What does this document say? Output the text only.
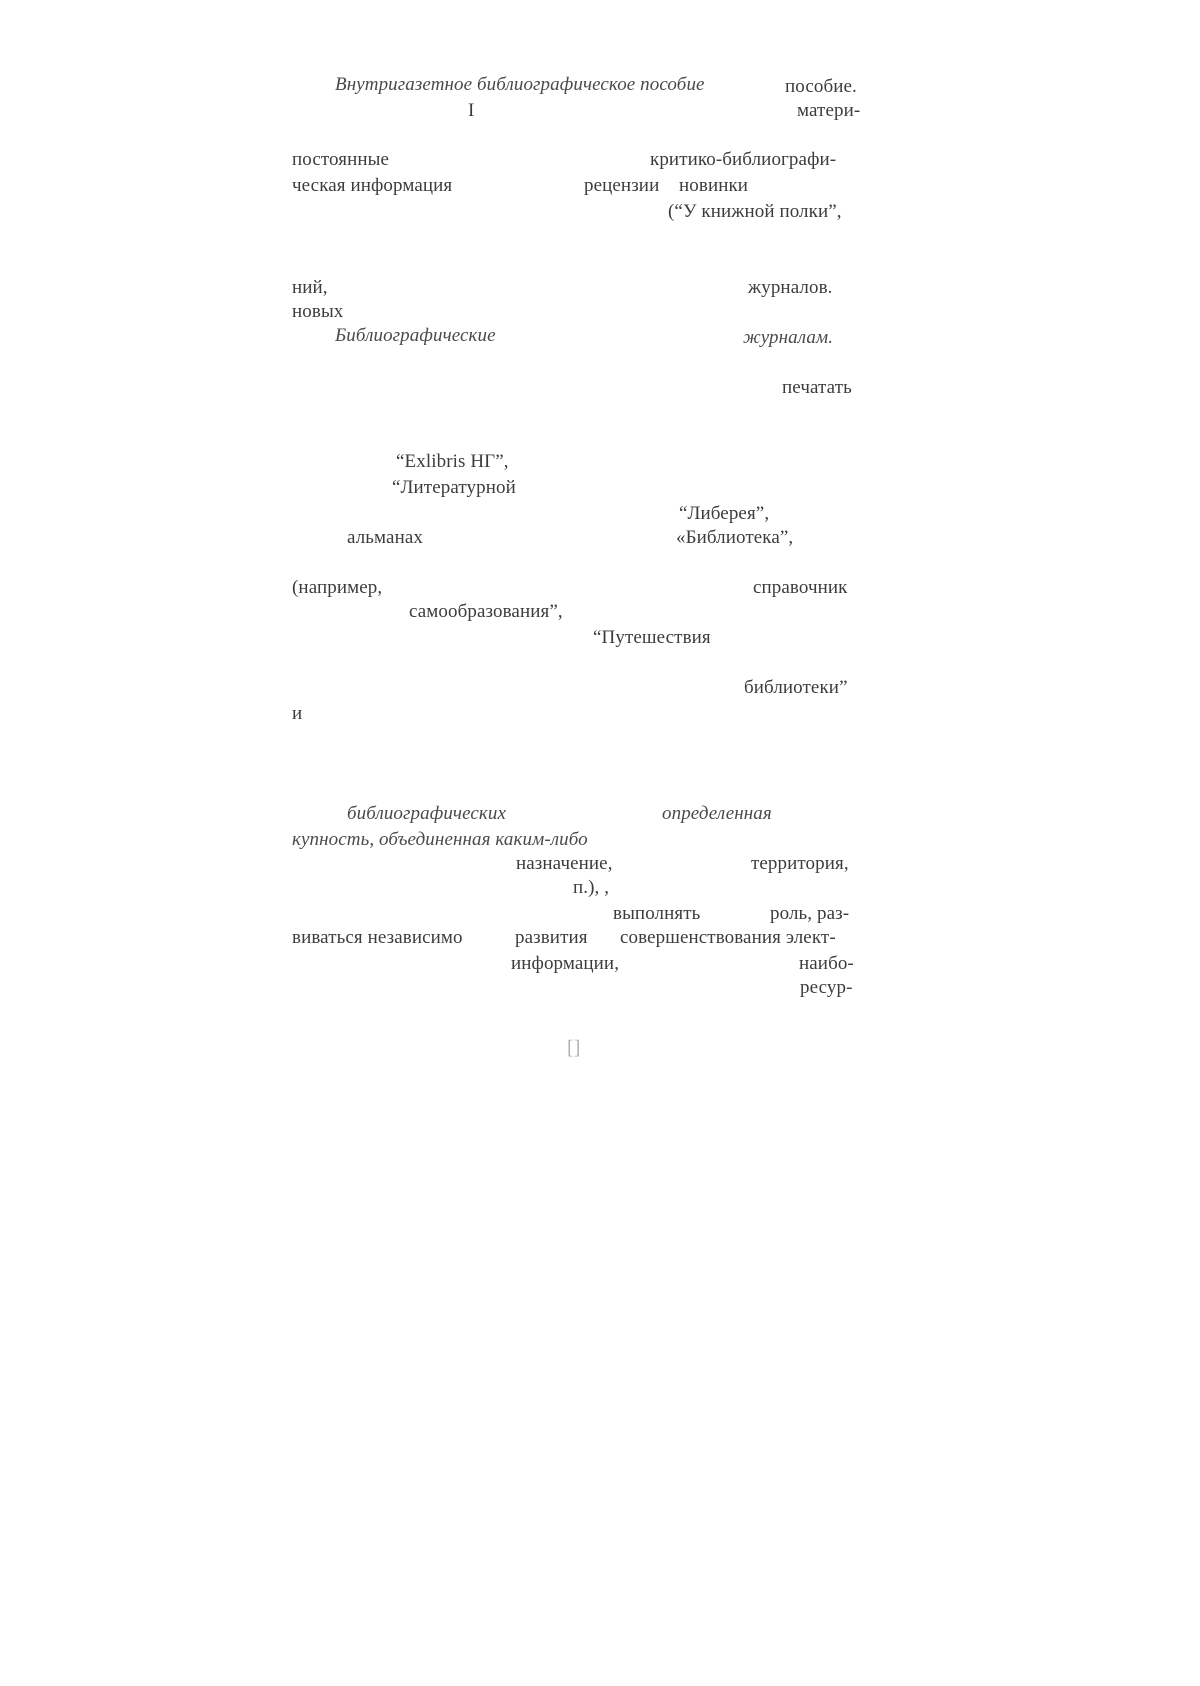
Внутригазетное библиографическое пособие	пособие.
I	матери-
постоянные	критико-библиографи-
ческая информация	рецензии новинки
(“У книжной полки”,
ний,	журналов.
новых
Библиографические	журналам.
печатать
“Exlibris НГ”,
“Литературной
“Либерея”,
альманах	«Библиотека”,
(например,	справочник
самообразования”,
“Путешествия
библиотеки”
и
библиографических	определенная
купность, объединенная каким-либо
назначение,	территория,
п.), ,
выполнять	роль, раз-
виваться независимо	развития совершенствования элект-
информации,	наибо-
ресур-
[]
